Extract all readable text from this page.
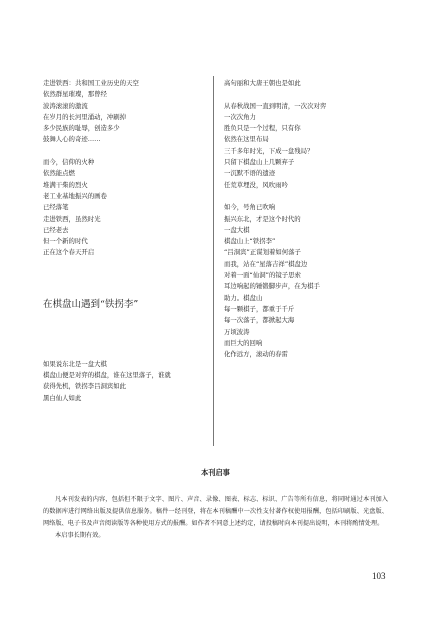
走进铁西：共和国工业历史的天空
依然群星璀璨，那曾经
波涛滚滚的激流
在岁月的长河里涌动，冲刷掉
多少民族的耻辱，创造多少
鼓舞人心的奇迹……
而今，信仰的火种
依然能点燃
堆满干柴的烈火
老工业基地振兴的画卷
已经落笔
走进铁西，虽然时光
已经老去
但一个新的时代
正在这个春天开启
在棋盘山遇到“铁拐李”
如果说东北是一盘大棋
棋盘山便是对弈的棋盘，谁在这里落子，谁就
获得先机，铁拐李吕洞宾如此
黑白仙人如此
高句丽和大唐王朝也是如此
从春秋战国一直到明清，一次次对弈
一次次角力
胜负只是一个过程，只有你
依然在这里布局
三千多年时光，下成一盘残局？
只留下棋盘山上几颗弃子
一沉默不语的遗迹
任荒草埋没，风吹雨吟
如今，号角已吹响
振兴东北，才是这个时代的
一盘大棋
棋盘山上“铁拐李”
“吕洞宾”正谋划着如何落子
而我，站在“星落吉祥”棋盘边
对着一面“仙洞”的镜子思索
耳边响起的锤锻脚步声，在为棋手
助力。棋盘山
每一颗棋子，都重于千斤
每一次落子，都掀起大海
万顷波涛
而巨大的回响
化作远方，滚动的春雷
本刊启事
凡本刊发表的内容，包括但不限于文字、图片、声音、录像、图表、标志、标识、广告等所有信息，将同时通过本刊加入的数据库进行网络出版及提供信息服务。稿件一经刊登，将在本刊稿酬中一次性支付著作权使用报酬，包括印刷版、光盘版、网络版、电子书及声音阅读版等各种使用方式的报酬。如作者不同意上述约定，请投稿时向本刊提出说明，本刊将酌情处理。
本启事长期有效。
103
